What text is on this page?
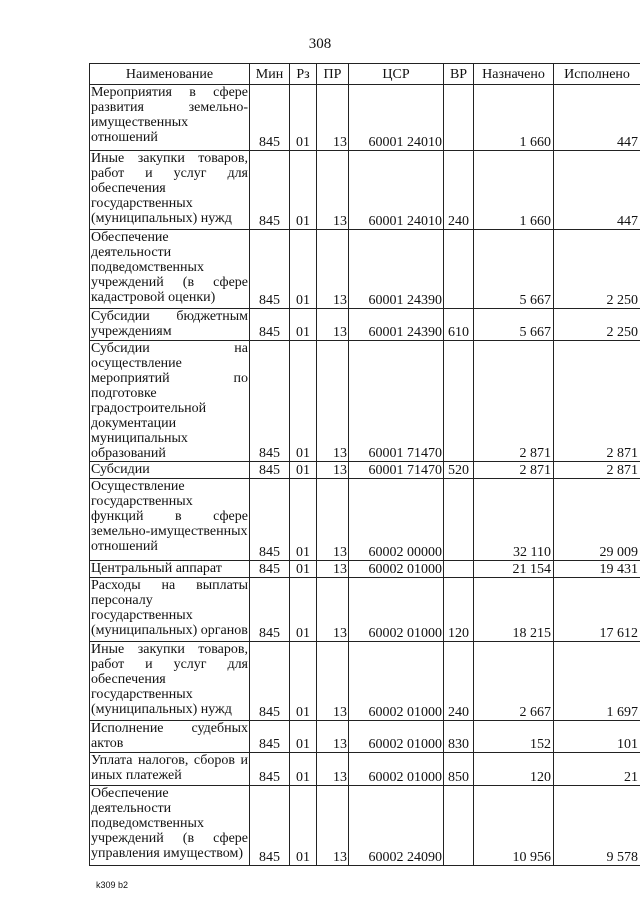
308
Наименование	Мин	Рз	ПР	ЦСР	ВР	Назначено	Исполнено
Мероприятия в сфере развития земельно-имущественных отношений	845	01	13	60001 24010		1 660	447
Иные закупки товаров, работ и услуг для обеспечения государственных (муниципальных) нужд	845	01	13	60001 24010	240	1 660	447
Обеспечение деятельности подведомственных учреждений (в сфере кадастровой оценки)	845	01	13	60001 24390		5 667	2 250
Субсидии бюджетным учреждениям	845	01	13	60001 24390	610	5 667	2 250
Субсидии на осуществление мероприятий по подготовке градостроительной документации муниципальных образований	845	01	13	60001 71470		2 871	2 871
Субсидии	845	01	13	60001 71470	520	2 871	2 871
Осуществление государственных функций в сфере земельно-имущественных отношений	845	01	13	60002 00000		32 110	29 009
Центральный аппарат	845	01	13	60002 01000		21 154	19 431
Расходы на выплаты персоналу государственных (муниципальных) органов	845	01	13	60002 01000	120	18 215	17 612
Иные закупки товаров, работ и услуг для обеспечения государственных (муниципальных) нужд	845	01	13	60002 01000	240	2 667	1 697
Исполнение судебных актов	845	01	13	60002 01000	830	152	101
Уплата налогов, сборов и иных платежей	845	01	13	60002 01000	850	120	21
Обеспечение деятельности подведомственных учреждений (в сфере управления имуществом)	845	01	13	60002 24090		10 956	9 578
k309 b2
